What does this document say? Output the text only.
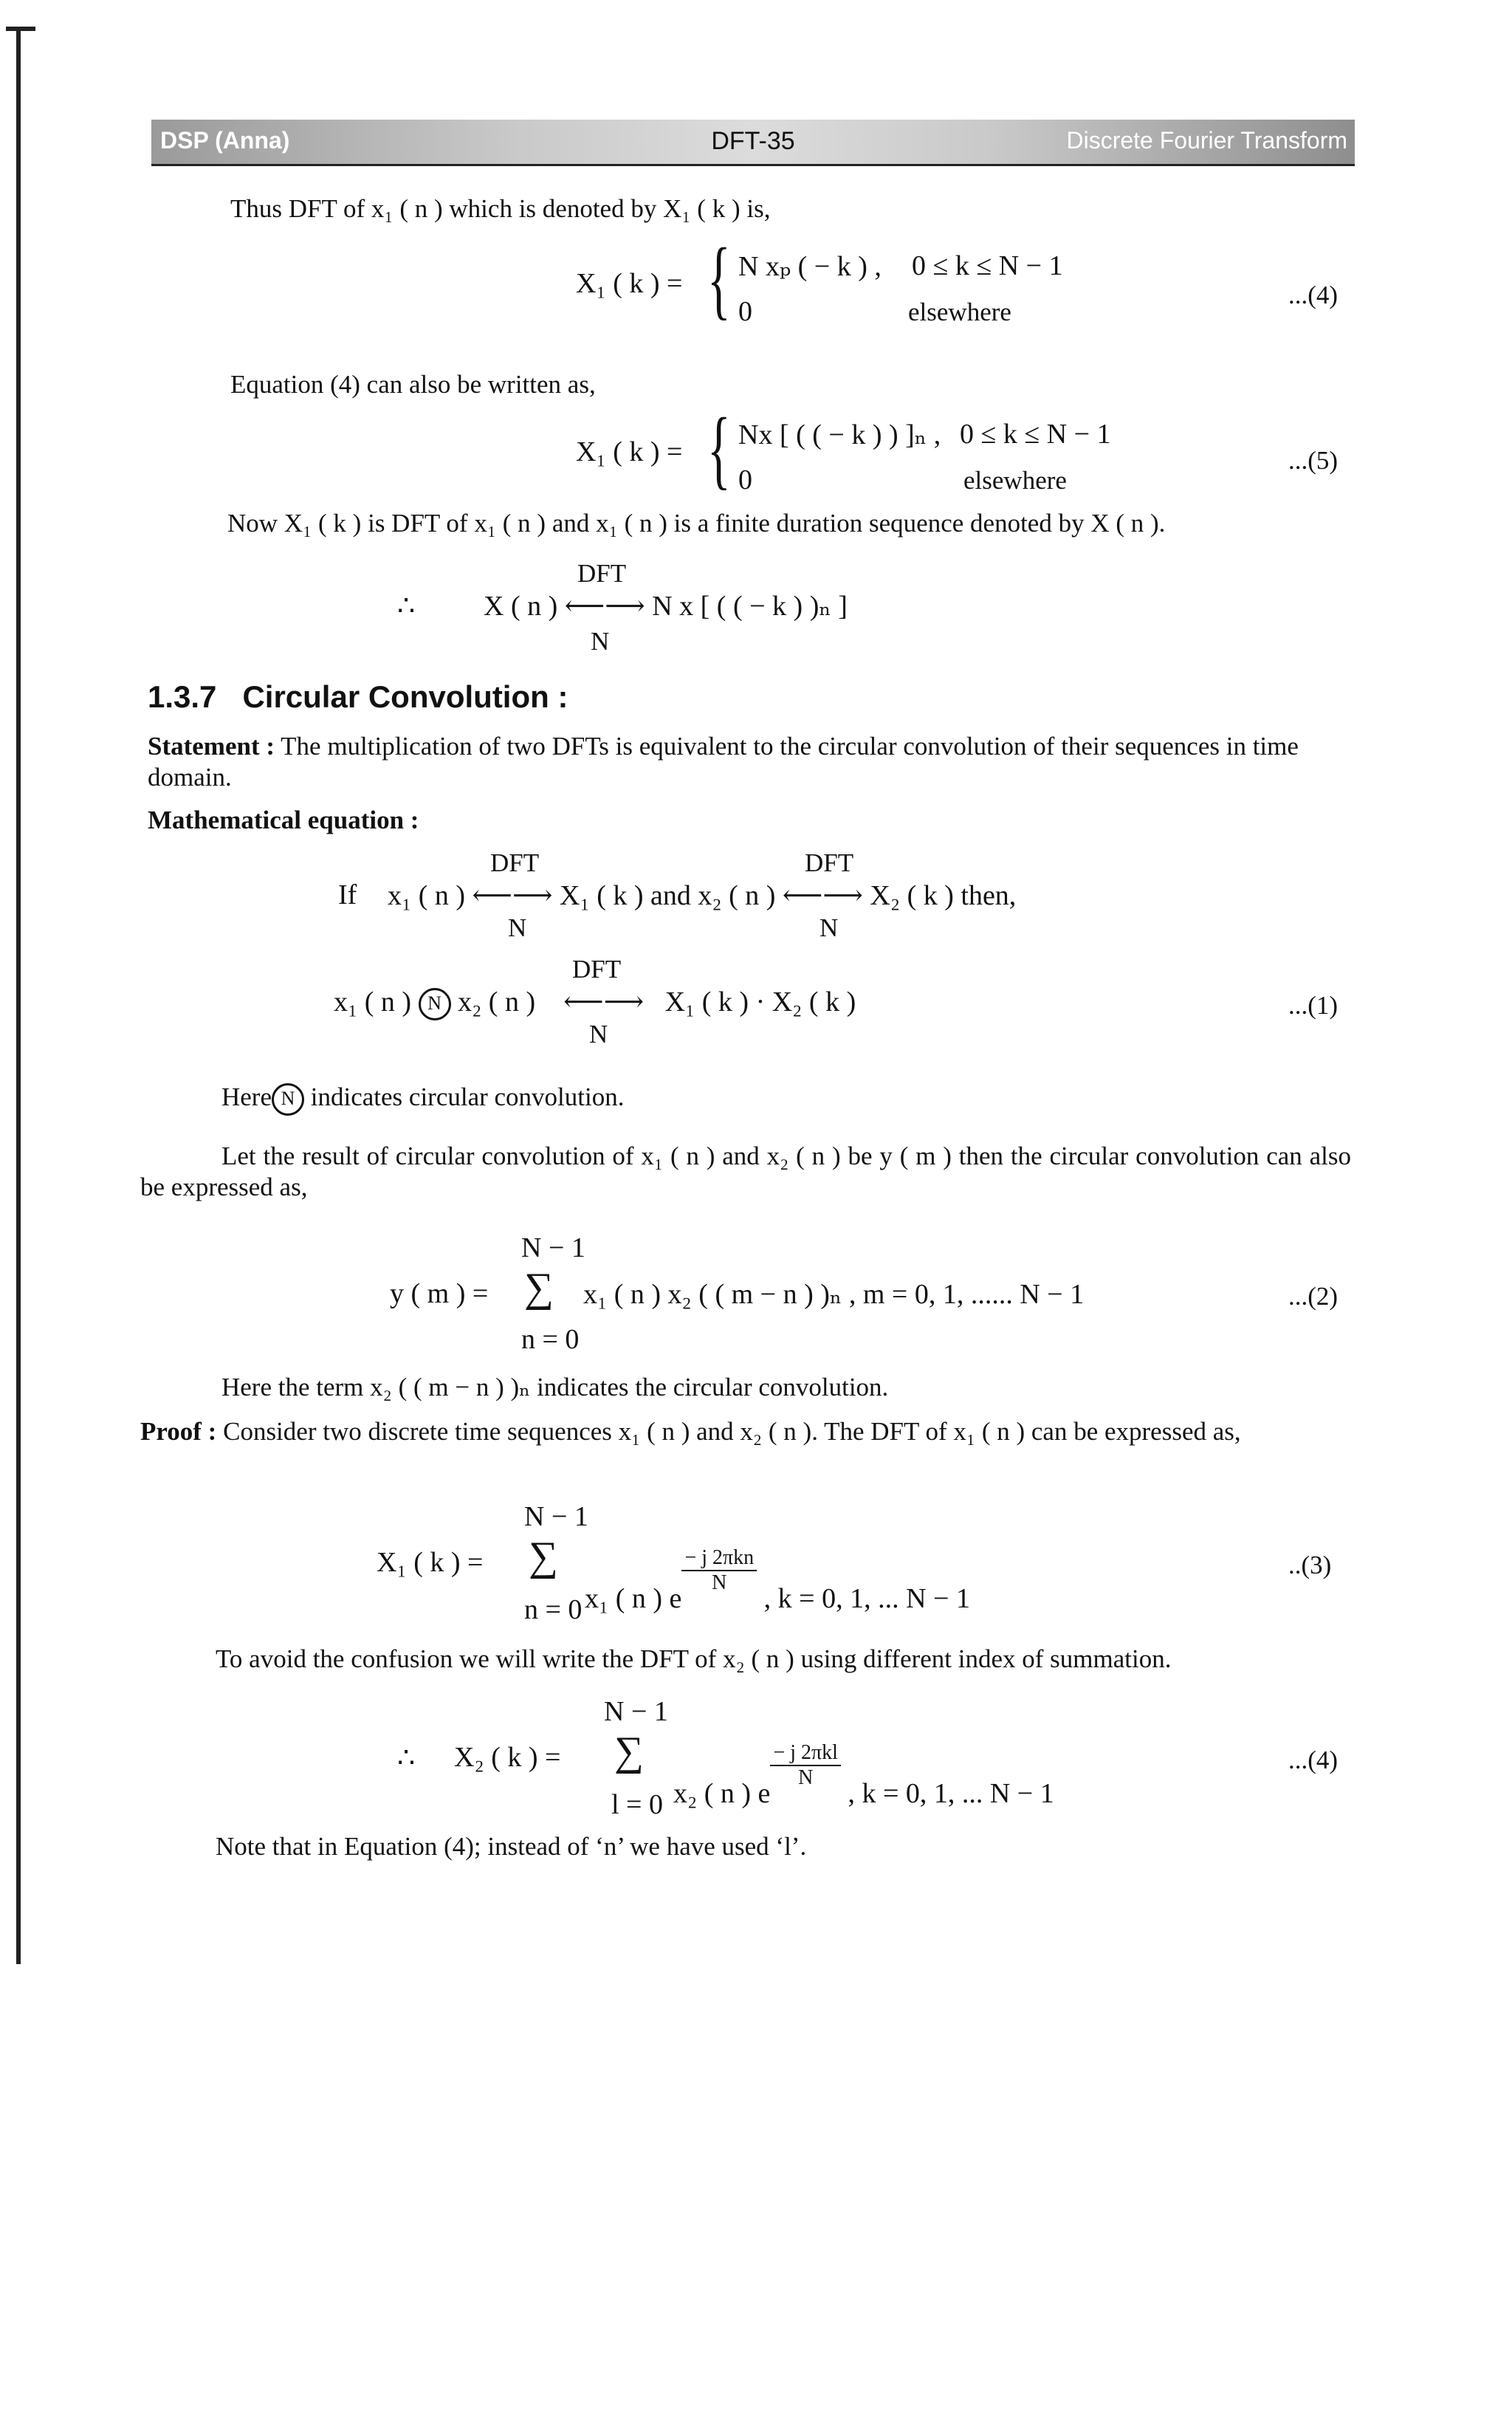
DSP (Anna)	DFT-35	Discrete Fourier Transform
Thus DFT of x₁ ( n ) which is denoted by X₁ ( k ) is,
X₁ ( k ) = { N xₚ ( − k ) , 0 ≤ k ≤ N − 1
0	elsewhere
...(4)
Equation (4) can also be written as,
X₁ ( k ) = { Nx [ ( ( − k ) ) ]ₙ , 0 ≤ k ≤ N − 1
0	elsewhere
...(5)
Now X₁ ( k ) is DFT of x₁ ( n ) and x₁ ( n ) is a finite duration sequence denoted by X ( n ).
∴
DFT
X ( n ) ⟵⟶ N x [ ( ( − k ) )ₙ ]
N
1.3.7 Circular Convolution :
Statement : The multiplication of two DFTs is equivalent to the circular convolution of their sequences in time domain.
Mathematical equation :
DFT	DFT
If x₁ ( n ) ⟵⟶ X₁ ( k ) and x₂ ( n ) ⟵⟶ X₂ ( k ) then,
N	N
DFT
x₁ ( n ) N x₂ ( n ) ⟵⟶ X₁ ( k ) · X₂ ( k )
N
...(1)
Here N indicates circular convolution.
Let the result of circular convolution of x₁ ( n ) and x₂ ( n ) be y ( m ) then the circular convolution can also be expressed as,
N − 1
y ( m ) = ∑ x₁ ( n ) x₂ ( ( m − n ) )ₙ , m = 0, 1, ...... N − 1
n = 0
...(2)
Here the term x₂ ( ( m − n ) )ₙ indicates the circular convolution.
Proof : Consider two discrete time sequences x₁ ( n ) and x₂ ( n ). The DFT of x₁ ( n ) can be expressed as,
N − 1
X₁ ( k ) = ∑
x₁ ( n ) e
$\frac{\text{− j 2πkn}}{N}$
, k = 0, 1, ... N − 1
n = 0
..(3)
To avoid the confusion we will write the DFT of x₂ ( n ) using different index of summation.
N − 1
∴ X₂ ( k ) = ∑
x₂ ( n ) e
$\frac{\text{− j 2πkl}}{N}$
, k = 0, 1, ... N − 1
l = 0
...(4)
Note that in Equation (4); instead of ‘n’ we have used ‘l’.
